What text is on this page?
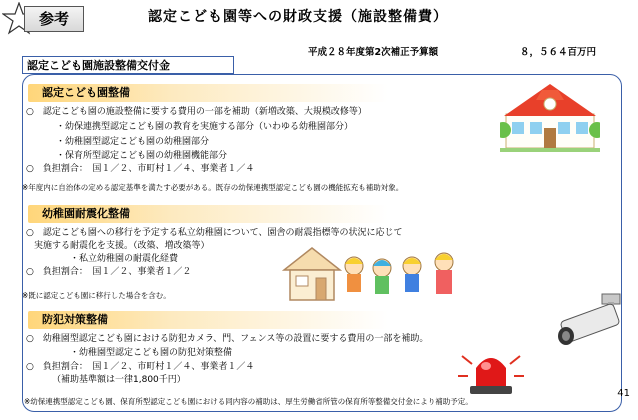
参考	認定こども園等への財政支援（施設整備費）
平成２８年度第2次補正予算額	８，５６４百万円
認定こども園施設整備交付金
認定こども園整備
○　認定こども園の施設整備に要する費用の一部を補助（新増改築、大規模改修等）
・幼保連携型認定こども園の教育を実施する部分（いわゆる幼稚園部分）
・幼稚園型認定こども園の幼稚園部分
・保育所型認定こども園の幼稚園機能部分
○　負担割合：　国１／２、市町村１／４、事業者１／４
※年度内に自治体の定める認定基準を満たす必要がある。既存の幼保連携型認定こども園の機能拡充も補助対象。
幼稚園耐震化整備
○　認定こども園への移行を予定する私立幼稚園について、園舎の耐震指標等の状況に応じて
実施する耐震化を支援。（改築、増改築等）
・私立幼稚園の耐震化経費
○　負担割合：　国１／２、事業者１／２
※既に認定こども園に移行した場合を含む。
防犯対策整備
○　幼稚園型認定こども園における防犯カメラ、門、フェンス等の設置に要する費用の一部を補助。
・幼稚園型認定こども園の防犯対策整備
○　負担割合：　国１／２、市町村１／４、事業者１／４
（補助基準額は一律1,800千円）
※幼保連携型認定こども園、保育所型認定こども園における同内容の補助は、厚生労働省所管の保育所等整備交付金により補助予定。
41
